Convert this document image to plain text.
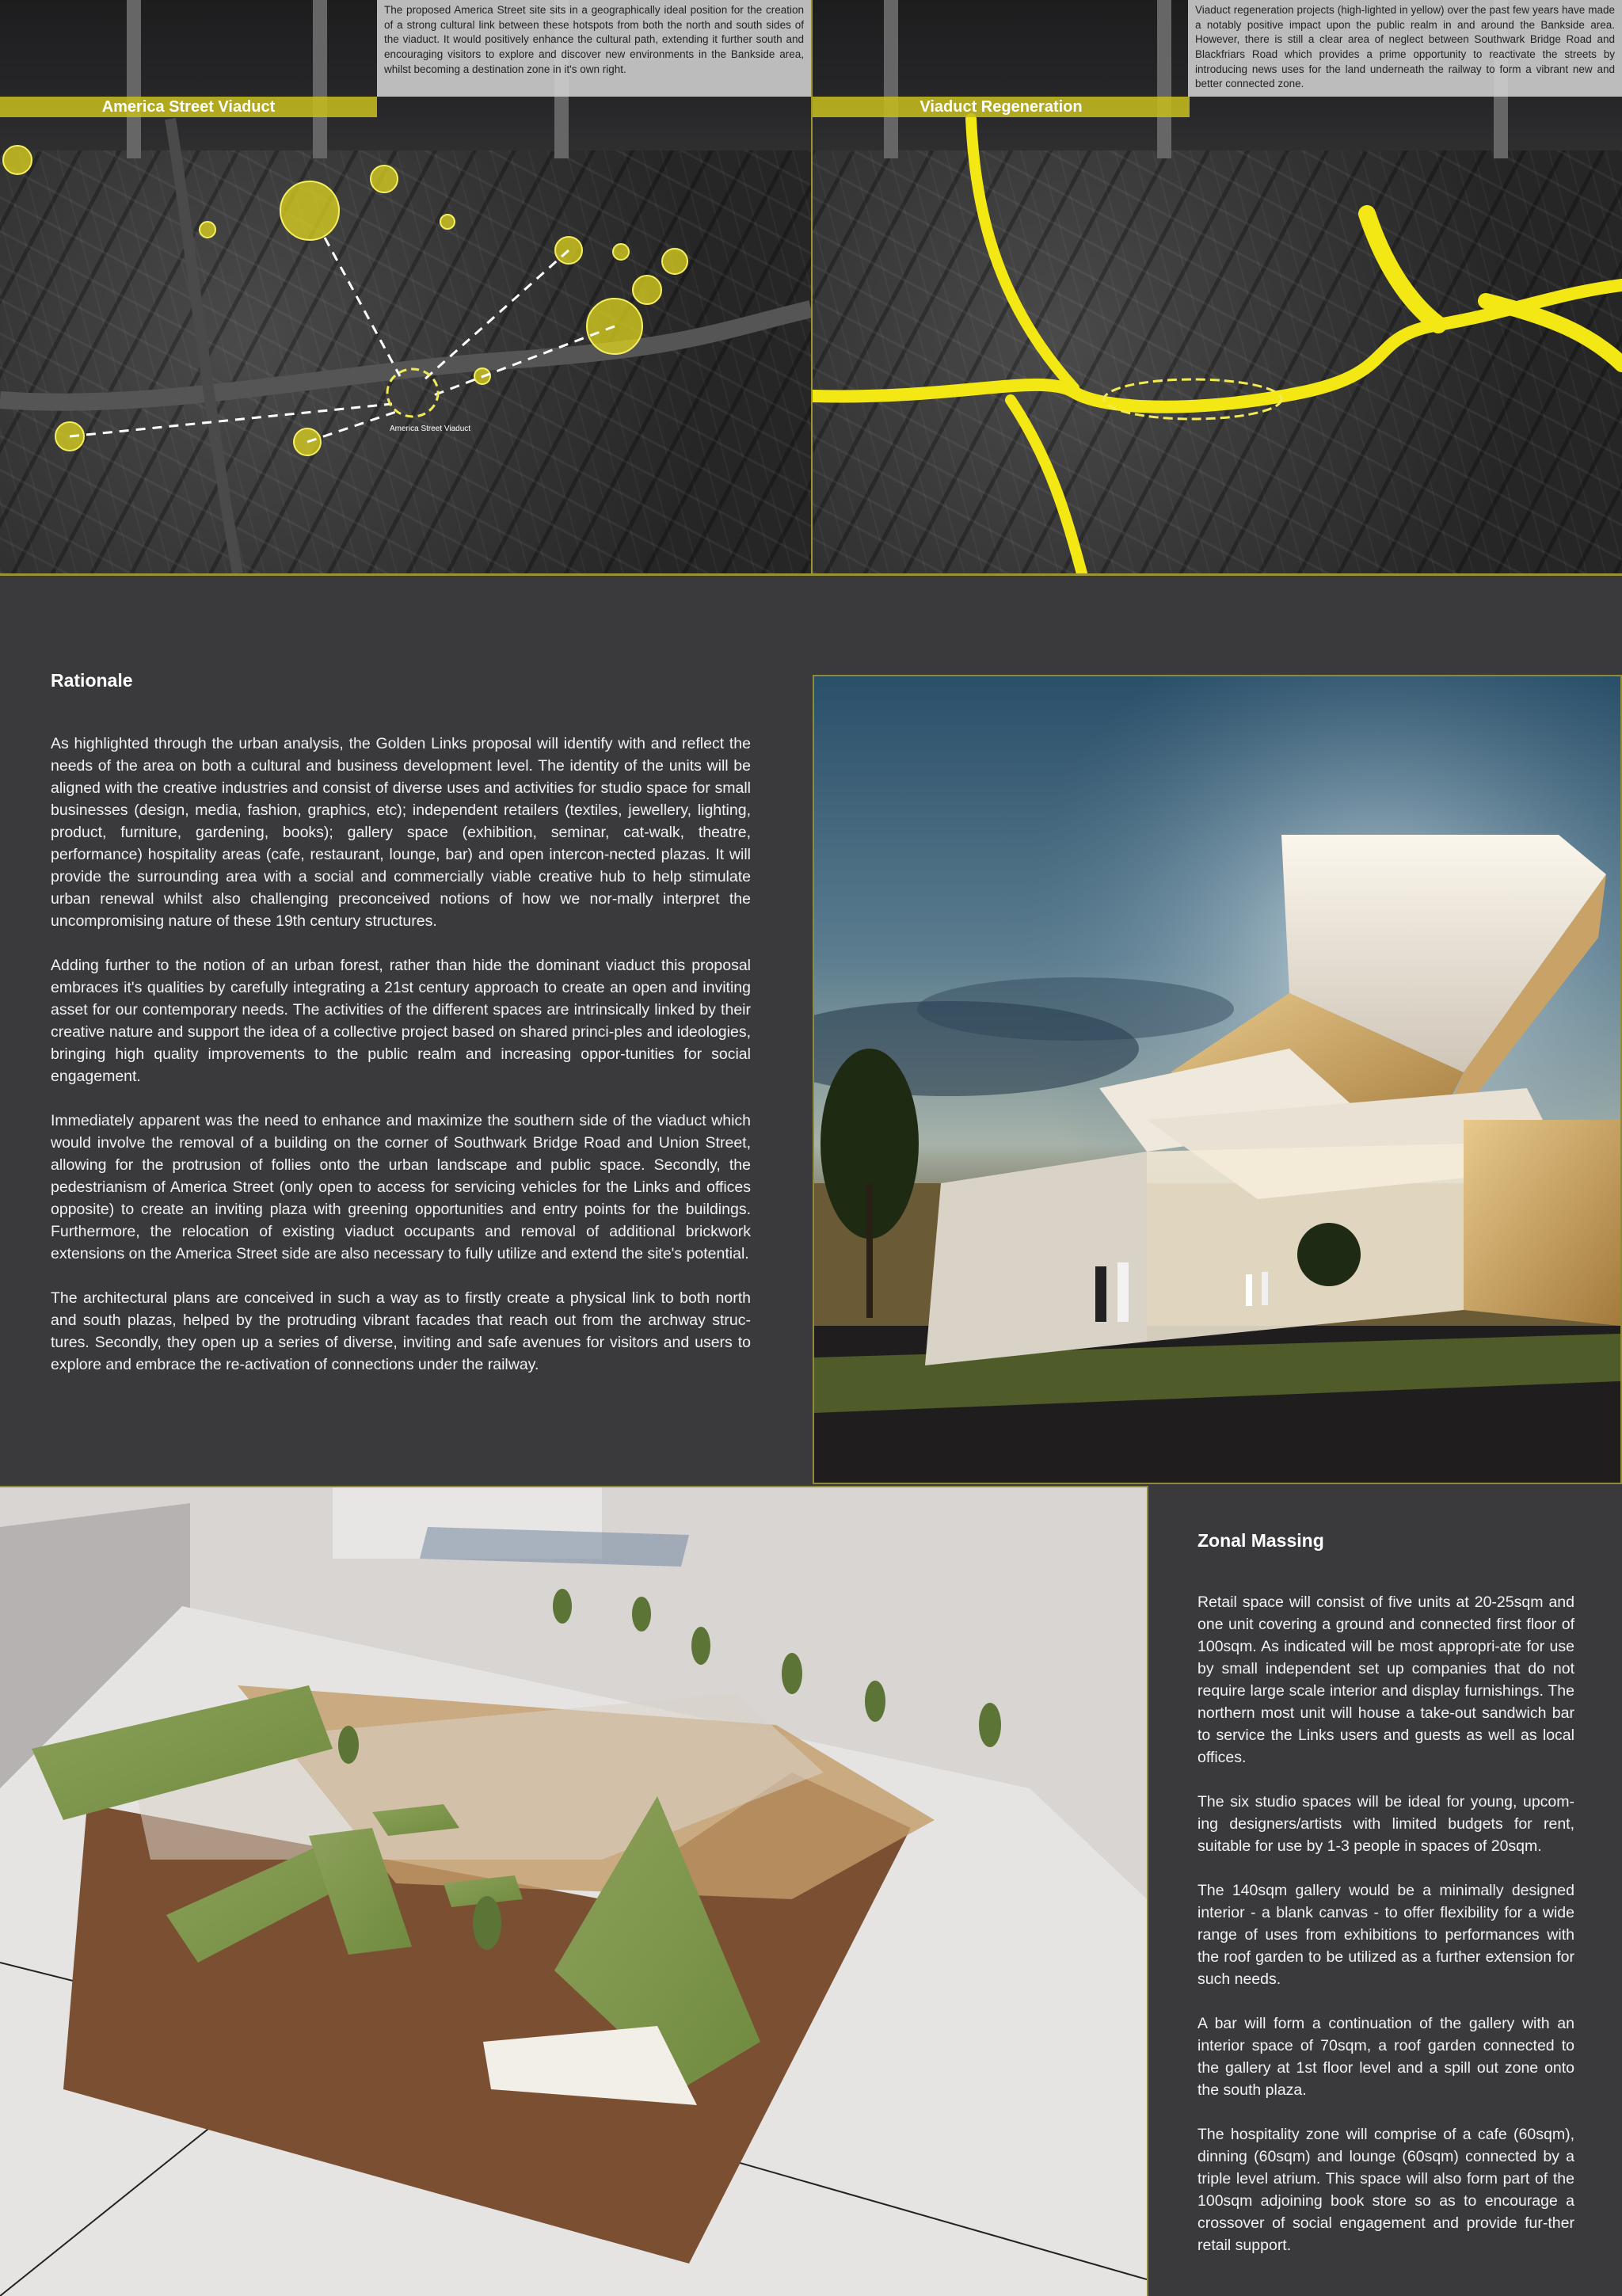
America Street Viaduct
The proposed America Street site sits in a geographically ideal position for the creation of a strong cultural link between these hotspots from both the north and south sides of the viaduct. It would positively enhance the cultural path, extending it further south and encouraging visitors to explore and discover new environments in the Bankside area, whilst becoming a destination zone in it's own right.
America Street Viaduct
Viaduct regeneration projects (high-lighted in yellow) over the past few years have made a notably positive impact upon the public realm in and around the Bankside area. However, there is still a clear area of neglect between Southwark Bridge Road and Blackfriars Road which provides a prime opportunity to reactivate the streets by introducing news uses for the land underneath the railway to form a vibrant new and better connected zone.
Viaduct Regeneration
Rationale

As highlighted through the urban analysis, the Golden Links proposal will identify with and reflect the needs of the area on both a cultural and business development level. The identity of the units will be aligned with the creative industries and consist of diverse uses and activities for studio space for small businesses (design, media, fashion, graphics, etc); independent retailers (textiles, jewellery, lighting, product, furniture, gardening, books); gallery space (exhibition, seminar, cat-walk, theatre, performance) hospitality areas (cafe, restaurant, lounge, bar) and open intercon-nected plazas. It will provide the surrounding area with a social and commercially viable creative hub to help stimulate urban renewal whilst also challenging preconceived notions of how we nor-mally interpret the uncompromising nature of these 19th century structures.

Adding further to the notion of an urban forest, rather than hide the dominant viaduct this proposal embraces it's qualities by carefully integrating a 21st century approach to create an open and inviting asset for our contemporary needs. The activities of the different spaces are intrinsically linked by their creative nature and support the idea of a collective project based on shared princi-ples and ideologies, bringing high quality improvements to the public realm and increasing oppor-tunities for social engagement.

Immediately apparent was the need to enhance and maximize the southern side of the viaduct which would involve the removal of a building on the corner of Southwark Bridge Road and Union Street, allowing for the protrusion of follies onto the urban landscape and public space. Secondly, the pedestrianism of America Street (only open to access for servicing vehicles for the Links and offices opposite) to create an inviting plaza with greening opportunities and entry points for the buildings. Furthermore, the relocation of existing viaduct occupants and removal of additional brickwork extensions on the America Street side are also necessary to fully utilize and extend the site's potential.

The architectural plans are conceived in such a way as to firstly create a physical link to both north and south plazas, helped by the protruding vibrant facades that reach out from the archway struc-tures. Secondly, they open up a series of diverse, inviting and safe avenues for visitors and users to explore and embrace the re-activation of connections under the railway.

Zonal Massing

Retail space will consist of five units at 20-25sqm and one unit covering a ground and connected first floor of 100sqm. As indicated will be most appropri-ate for use by small independent set up companies that do not require large scale interior and display furnishings. The northern most unit will house a take-out sandwich bar to service the Links users and guests as well as local offices.

The six studio spaces will be ideal for young, upcom-ing designers/artists with limited budgets for rent, suitable for use by 1-3 people in spaces of 20sqm.

The 140sqm gallery would be a minimally designed interior - a blank canvas - to offer flexibility for a wide range of uses from exhibitions to performances with the roof garden to be utilized as a further extension for such needs.

A bar will form a continuation of the gallery with an interior space of 70sqm, a roof garden connected to the gallery at 1st floor level and a spill out zone onto the south plaza.

The hospitality zone will comprise of a cafe (60sqm), dinning (60sqm) and lounge (60sqm) connected by a triple level atrium. This space will also form part of the 100sqm adjoining book store so as to encourage a crossover of social engagement and provide fur-ther retail support.
